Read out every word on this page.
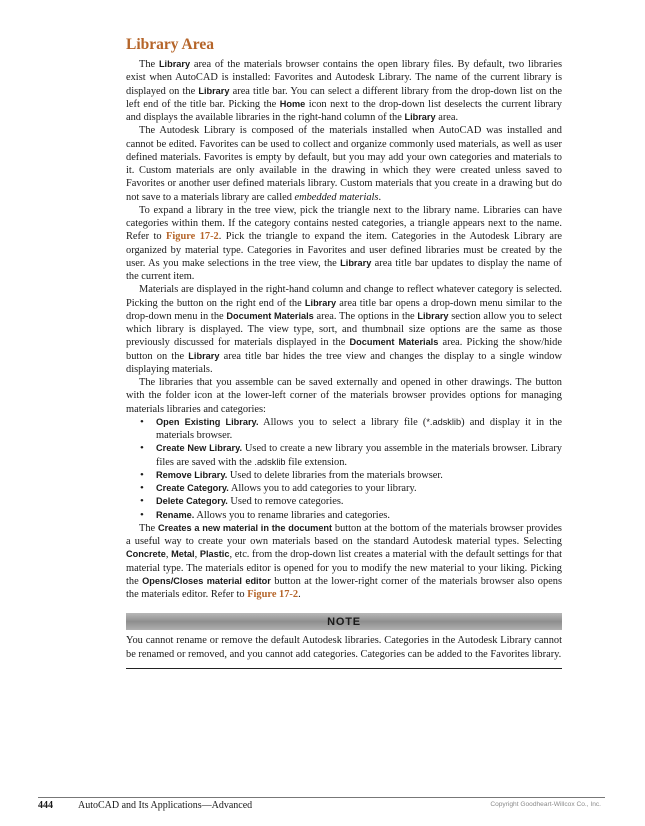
Library Area

The Library area of the materials browser contains the open library files. By default, two libraries exist when AutoCAD is installed: Favorites and Autodesk Library. The name of the current library is displayed on the Library area title bar. You can select a different library from the drop-down list on the left end of the title bar. Picking the Home icon next to the drop-down list deselects the current library and displays the available libraries in the right-hand column of the Library area.

The Autodesk Library is composed of the materials installed when AutoCAD was installed and cannot be edited. Favorites can be used to collect and organize commonly used materials, as well as user defined materials. Favorites is empty by default, but you may add your own categories and materials to it. Custom materials are only available in the drawing in which they were created unless saved to Favorites or another user defined materials library. Custom materials that you create in a drawing but do not save to a materials library are called embedded materials.

To expand a library in the tree view, pick the triangle next to the library name. Libraries can have categories within them. If the category contains nested categories, a triangle appears next to the name. Refer to Figure 17-2. Pick the triangle to expand the item. Categories in the Autodesk Library are organized by material type. Categories in Favorites and user defined libraries must be created by the user. As you make selections in the tree view, the Library area title bar updates to display the name of the current item.

Materials are displayed in the right-hand column and change to reflect whatever category is selected. Picking the button on the right end of the Library area title bar opens a drop-down menu similar to the drop-down menu in the Document Materials area. The options in the Library section allow you to select which library is displayed. The view type, sort, and thumbnail size options are the same as those previously discussed for materials displayed in the Document Materials area. Picking the show/hide button on the Library area title bar hides the tree view and changes the display to a single window displaying materials.

The libraries that you assemble can be saved externally and opened in other drawings. The button with the folder icon at the lower-left corner of the materials browser provides options for managing materials libraries and categories:

• Open Existing Library. Allows you to select a library file (*.adsklib) and display it in the materials browser.
• Create New Library. Used to create a new library you assemble in the materials browser. Library files are saved with the .adsklib file extension.
• Remove Library. Used to delete libraries from the materials browser.
• Create Category. Allows you to add categories to your library.
• Delete Category. Used to remove categories.
• Rename. Allows you to rename libraries and categories.

The Creates a new material in the document button at the bottom of the materials browser provides a useful way to create your own materials based on the standard Autodesk material types. Selecting Concrete, Metal, Plastic, etc. from the drop-down list creates a material with the default settings for that material type. The materials editor is opened for you to modify the new material to your liking. Picking the Opens/Closes material editor button at the lower-right corner of the materials browser also opens the materials editor. Refer to Figure 17-2.

NOTE
You cannot rename or remove the default Autodesk libraries. Categories in the Autodesk Library cannot be renamed or removed, and you cannot add categories. Categories can be added to the Favorites library.
444	AutoCAD and Its Applications—Advanced	Copyright Goodheart-Willcox Co., Inc.
